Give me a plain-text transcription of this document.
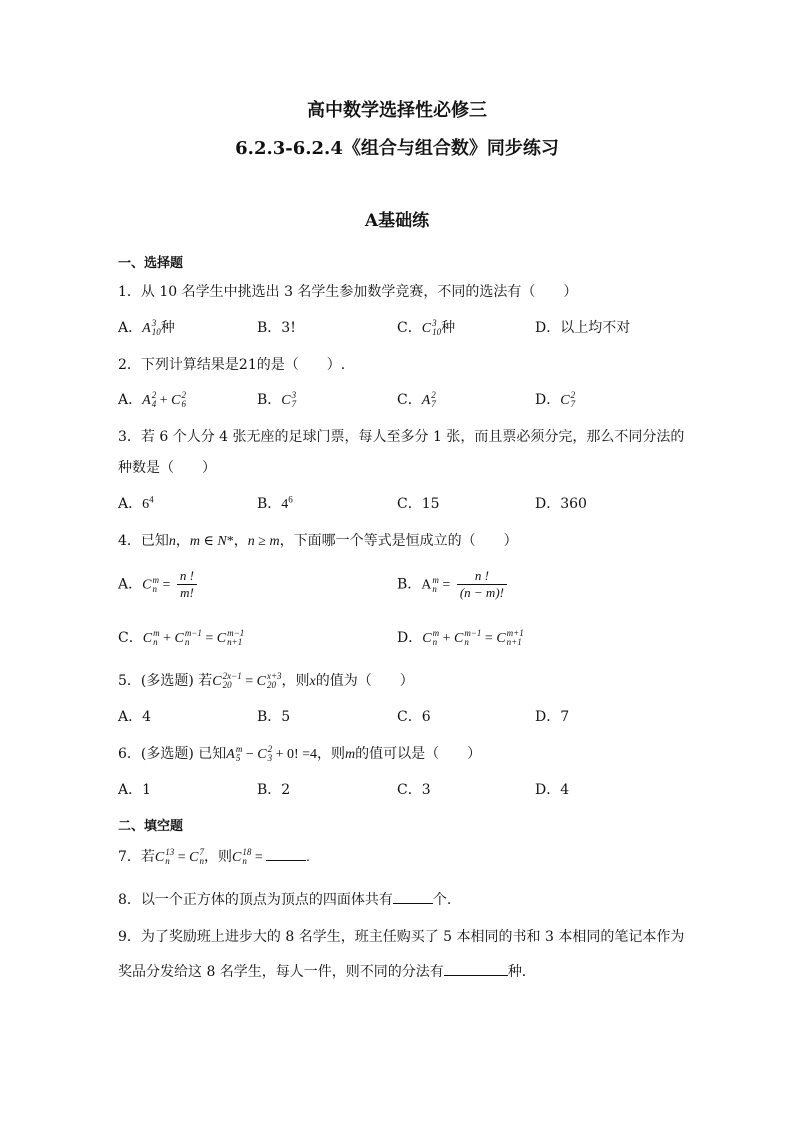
高中数学选择性必修三
6.2.3-6.2.4《组合与组合数》同步练习
A基础练
一、选择题
1．从 10 名学生中挑选出 3 名学生参加数学竞赛，不同的选法有（　　）
A．A 3
10 种	B．3!	C．C 3
10 种	D．以上均不对
2．下列计算结果是21的是（　　）.
A．A 2
4 + C 2
6	B．C 3
7	C．A 2
7	D．C 2
7
3．若 6 个人分 4 张无座的足球门票，每人至多分 1 张，而且票必须分完，那么不同分法的
种数是（　　）
A．$6^4$	B．$4^6$	C．15	D．360
4．已知n，m ∈ N*，n ≥ m，下面哪一个等式是恒成立的（　　）
A．C m
$n = \frac{n !}{m!}$	B．A m
$n = \frac{n !}{(n - m)!}$
C．C m
n + C m−1
n = C m−1
n+1	D．C m
n + C m−1
n = C m+1
n+1
5．(多选题) 若C 2x−1
20 = C x+3
20 ，则x的值为（　　）
A．4	B．5	C．6	D．7
6．(多选题) 已知A m
5 − C 2
3 + 0! =4，则m的值可以是（　　）
A．1	B．2	C．3	D．4
二、填空题
7．若C 13
n = C 7
n ，则C 18
n =	.
8．以一个正方体的顶点为顶点的四面体共有	个.
9．为了奖励班上进步大的 8 名学生，班主任购买了 5 本相同的书和 3 本相同的笔记本作为
奖品分发给这 8 名学生，每人一件，则不同的分法有	种．
